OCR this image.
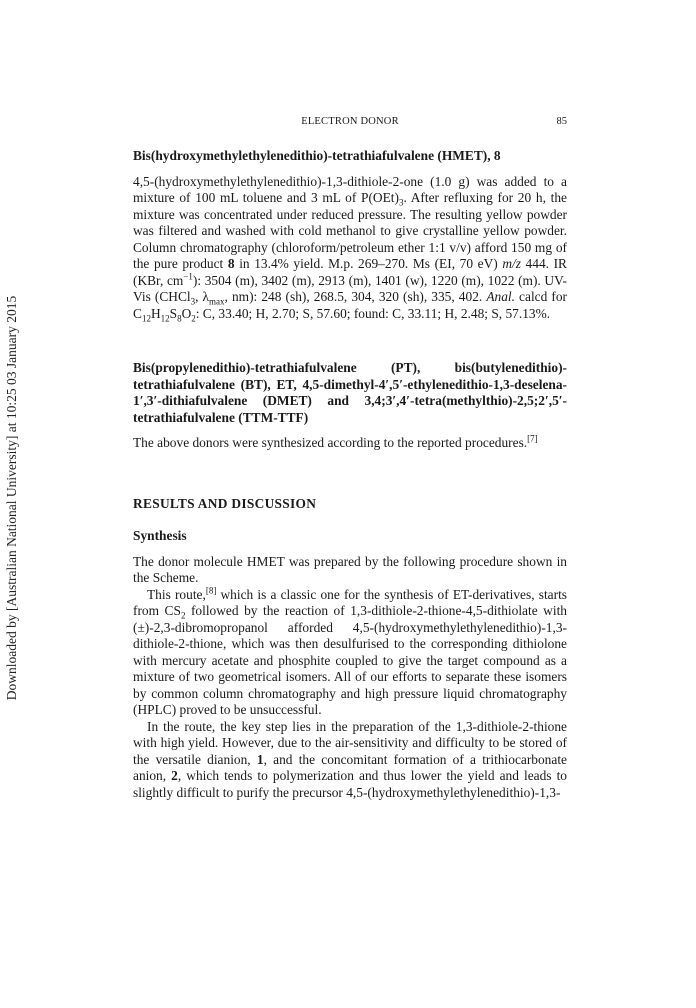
Downloaded by [Australian National University] at 10:25 03 January 2015
ELECTRON DONOR	85

Bis(hydroxymethylethylenedithio)-tetrathiafulvalene (HMET), 8

4,5-(hydroxymethylethylenedithio)-1,3-dithiole-2-one (1.0 g) was added to a mixture of 100 mL toluene and 3 mL of $P(OEt)_3$. After refluxing for 20 h, the mixture was concentrated under reduced pressure. The resulting yellow powder was filtered and washed with cold methanol to give crystalline yellow powder. Column chromatography (chloroform/petroleum ether 1:1 v/v) afford 150 mg of the pure product 8 in 13.4% yield. M.p. 269–270. Ms (EI, 70 eV) m/z 444. IR (KBr, $cm^{-1}$): 3504 (m), 3402 (m), 2913 (m), 1401 (w), 1220 (m), 1022 (m). UV-Vis (CHCl$_3$, $\lambda_{max}$, nm): 248 (sh), 268.5, 304, 320 (sh), 335, 402. Anal. calcd for $C_{12}H_{12}S_8O_2$: C, 33.40; H, 2.70; S, 57.60; found: C, 33.11; H, 2.48; S, 57.13%.

Bis(propylenedithio)-tetrathiafulvalene (PT), bis(butylenedithio)-tetrathiafulvalene (BT), ET, 4,5-dimethyl-4′,5′-ethylenedithio-1,3-deselena-1′,3′-dithiafulvalene (DMET) and 3,4;3′,4′-tetra(methylthio)-2,5;2′,5′-tetrathiafulvalene (TTM-TTF)

The above donors were synthesized according to the reported procedures.[7]

RESULTS AND DISCUSSION

Synthesis

The donor molecule HMET was prepared by the following procedure shown in the Scheme.

This route,[8] which is a classic one for the synthesis of ET-derivatives, starts from $CS_2$ followed by the reaction of 1,3-dithiole-2-thione-4,5-dithiolate with (±)-2,3-dibromopropanol afforded 4,5-(hydroxymethylethylenedithio)-1,3-dithiole-2-thione, which was then desulfurised to the corresponding dithiolone with mercury acetate and phosphite coupled to give the target compound as a mixture of two geometrical isomers. All of our efforts to separate these isomers by common column chromatography and high pressure liquid chromatography (HPLC) proved to be unsuccessful.

In the route, the key step lies in the preparation of the 1,3-dithiole-2-thione with high yield. However, due to the air-sensitivity and difficulty to be stored of the versatile dianion, 1, and the concomitant formation of a trithiocarbonate anion, 2, which tends to polymerization and thus lower the yield and leads to slightly difficult to purify the precursor 4,5-(hydroxymethylethylenedithio)-1,3-
